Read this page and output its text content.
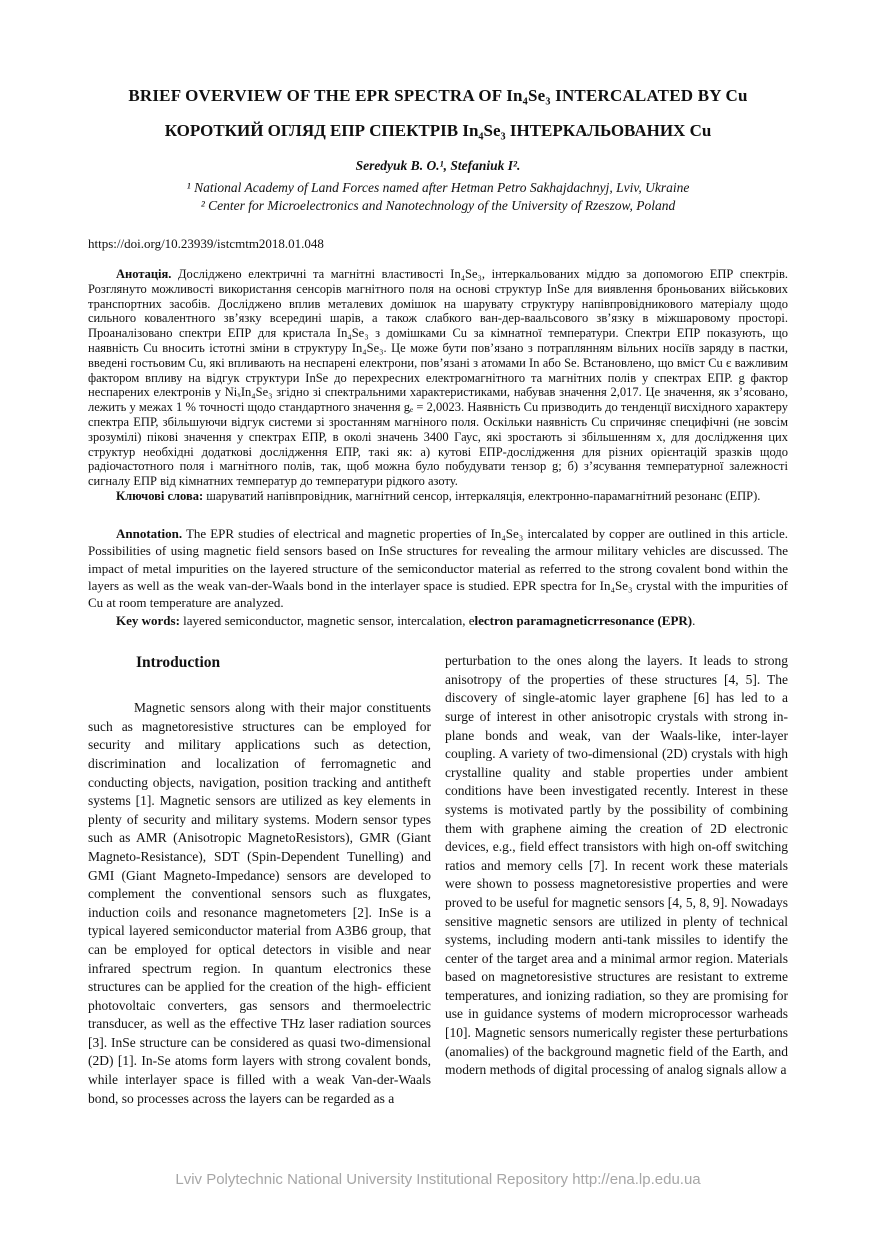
BRIEF OVERVIEW OF THE EPR SPECTRA OF In₄Se₃ INTERCALATED BY Cu
КОРОТКИЙ ОГЛЯД ЕПР СПЕКТРІВ In₄Se₃ ІНТЕРКАЛЬОВАНИХ Cu
Seredyuk B. O.¹, Stefaniuk I².

¹ National Academy of Land Forces named after Hetman Petro Sakhajdachnyj, Lviv, Ukraine

² Center for Microelectronics and Nanotechnology of the University of Rzeszow, Poland

https://doi.org/10.23939/istcmtm2018.01.048

Анотація. Досліджено електричні та магнітні властивості In₄Se₃, інтеркальованих міддю за допомогою ЕПР спектрів. Розглянуто можливості використання сенсорів магнітного поля на основі структур InSe для виявлення броньованих військових транспортних засобів. Досліджено вплив металевих домішок на шарувату структуру напівпровідникового матеріалу щодо сильного ковалентного зв’язку всередині шарів, а також слабкого ван-дер-ваальсового зв’язку в міжшаровому просторі. Проаналізовано спектри ЕПР для кристала In₄Se₃ з домішками Cu за кімнатної температури. Спектри ЕПР показують, що наявність Cu вносить істотні зміни в структуру In₄Se₃. Це може бути пов’язано з потраплянням вільних носіїв заряду в пастки, введені гостьовим Cu, які впливають на неспарені електрони, пов’язані з атомами In або Se. Встановлено, що вміст Cu є важливим фактором впливу на відгук структури InSe до перехресних електромагнітного та магнітних полів у спектрах ЕПР. g фактор неспарених електронів у NiₓIn₄Se₃ згідно зі спектральними характеристиками, набував значення 2,017. Це значення, як з’ясовано, лежить у межах 1 % точності щодо стандартного значення gₑ = 2,0023. Наявність Cu призводить до тенденції висхідного характеру спектра ЕПР, збільшуючи відгук системи зі зростанням магніного поля. Оскільки наявність Cu спричиняє специфічні (не зовсім зрозумілі) пікові значення у спектрах ЕПР, в околі значень 3400 Гаус, які зростають зі збільшенням x, для дослідження цих структур необхідні додаткові дослідження ЕПР, такі як: а) кутові ЕПР-дослідження для різних орієнтацій зразків щодо радіочастотного поля і магнітного полів, так, щоб можна було побудувати тензор g; б) з’ясування температурної залежності сигналу ЕПР від кімнатних температур до температури рідкого азоту.

Ключові слова: шаруватий напівпровідник, магнітний сенсор, інтеркаляція, електронно-парамагнітний резонанс (ЕПР).

Annotation. The EPR studies of electrical and magnetic properties of In₄Se₃ intercalated by copper are outlined in this article. Possibilities of using magnetic field sensors based on InSe structures for revealing the armour military vehicles are discussed. The impact of metal impurities on the layered structure of the semiconductor material as referred to the strong covalent bond within the layers as well as the weak van-der-Waals bond in the interlayer space is studied. EPR spectra for In₄Se₃ crystal with the impurities of Cu at room temperature are analyzed.

Key words: layered semiconductor, magnetic sensor, intercalation, electron paramagneticrresonance (EPR).

Introduction

Magnetic sensors along with their major constituents such as magnetoresistive structures can be employed for security and military applications such as detection, discrimination and localization of ferromagnetic and conducting objects, navigation, position tracking and antitheft systems [1]. Magnetic sensors are utilized as key elements in plenty of security and military systems. Modern sensor types such as AMR (Anisotropic MagnetoResistors), GMR (Giant Magneto-Resistance), SDT (Spin-Dependent Tunelling) and GMI (Giant Magneto-Impedance) sensors are developed to complement the conventional sensors such as fluxgates, induction coils and resonance magnetometers [2]. InSe is a typical layered semiconductor material from A3B6 group, that can be employed for optical detectors in visible and near infrared spectrum region. In quantum electronics these structures can be applied for the creation of the high- efficient photovoltaic converters, gas sensors and thermoelectric transducer, as well as the effective THz laser radiation sources [3]. InSe structure can be considered as quasi two-dimensional (2D) [1]. In-Se atoms form layers with strong covalent bonds, while interlayer space is filled with a weak Van-der-Waals bond, so processes across the layers can be regarded as a

perturbation to the ones along the layers. It leads to strong anisotropy of the properties of these structures [4, 5]. The discovery of single-atomic layer graphene [6] has led to a surge of interest in other anisotropic crystals with strong in-plane bonds and weak, van der Waals-like, inter-layer coupling. A variety of two-dimensional (2D) crystals with high crystalline quality and stable properties under ambient conditions have been investigated recently. Interest in these systems is motivated partly by the possibility of combining them with graphene aiming the creation of 2D electronic devices, e.g., field effect transistors with high on-off switching ratios and memory cells [7]. In recent work these materials were shown to possess magnetoresistive properties and were proved to be useful for magnetic sensors [4, 5, 8, 9]. Nowadays sensitive magnetic sensors are utilized in plenty of technical systems, including modern anti-tank missiles to identify the center of the target area and a minimal armor region. Materials based on magnetoresistive structures are resistant to extreme temperatures, and ionizing radiation, so they are promising for use in guidance systems of modern microprocessor warheads [10]. Magnetic sensors numerically register these perturbations (anomalies) of the background magnetic field of the Earth, and modern methods of digital processing of analog signals allow a

Lviv Polytechnic National University Institutional Repository http://ena.lp.edu.ua
